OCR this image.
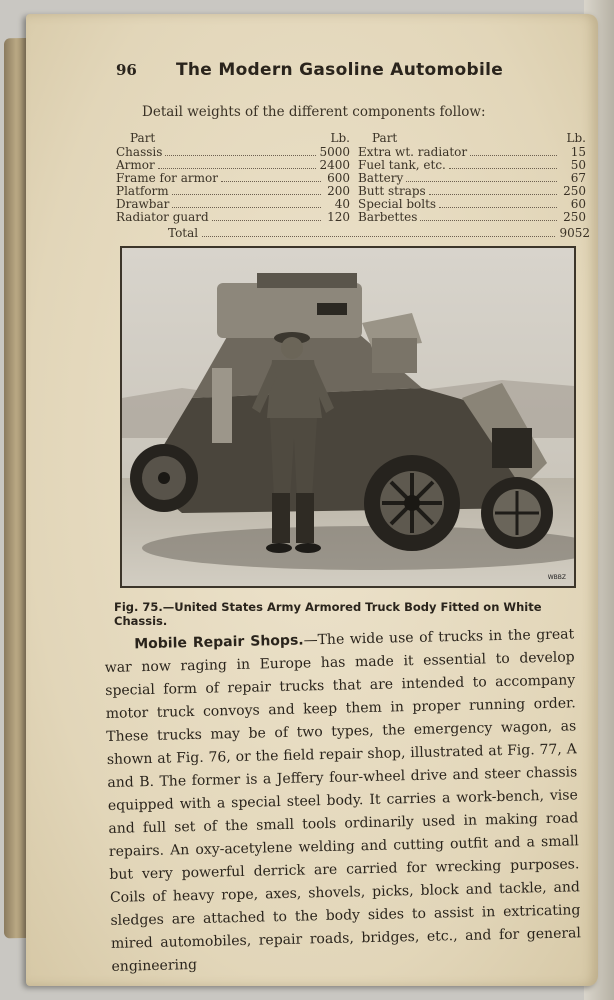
96	The Modern Gasoline Automobile
Detail weights of the different components follow:
Part	Lb.
Chassis	5000
Armor	2400
Frame for armor	600
Platform	200
Drawbar	40
Radiator guard	120
Part	Lb.
Extra wt. radiator	15
Fuel tank, etc.	50
Battery	67
Butt straps	250
Special bolts	60
Barbettes	250
Total	9052
WBBZ
Fig. 75.—United States Army Armored Truck Body Fitted on White Chassis.

Mobile Repair Shops.—The wide use of trucks in the great war now raging in Europe has made it essential to develop special form of repair trucks that are intended to accompany motor truck convoys and keep them in proper running order. These trucks may be of two types, the emergency wagon, as shown at Fig. 76, or the field repair shop, illustrated at Fig. 77, A and B. The former is a Jeffery four-wheel drive and steer chassis equipped with a special steel body. It carries a work-bench, vise and full set of the small tools ordinarily used in making road repairs. An oxy-acetylene welding and cutting outfit and a small but very powerful derrick are carried for wrecking purposes. Coils of heavy rope, axes, shovels, picks, block and tackle, and sledges are attached to the body sides to assist in extricating mired automobiles, repair roads, bridges, etc., and for general engineering
